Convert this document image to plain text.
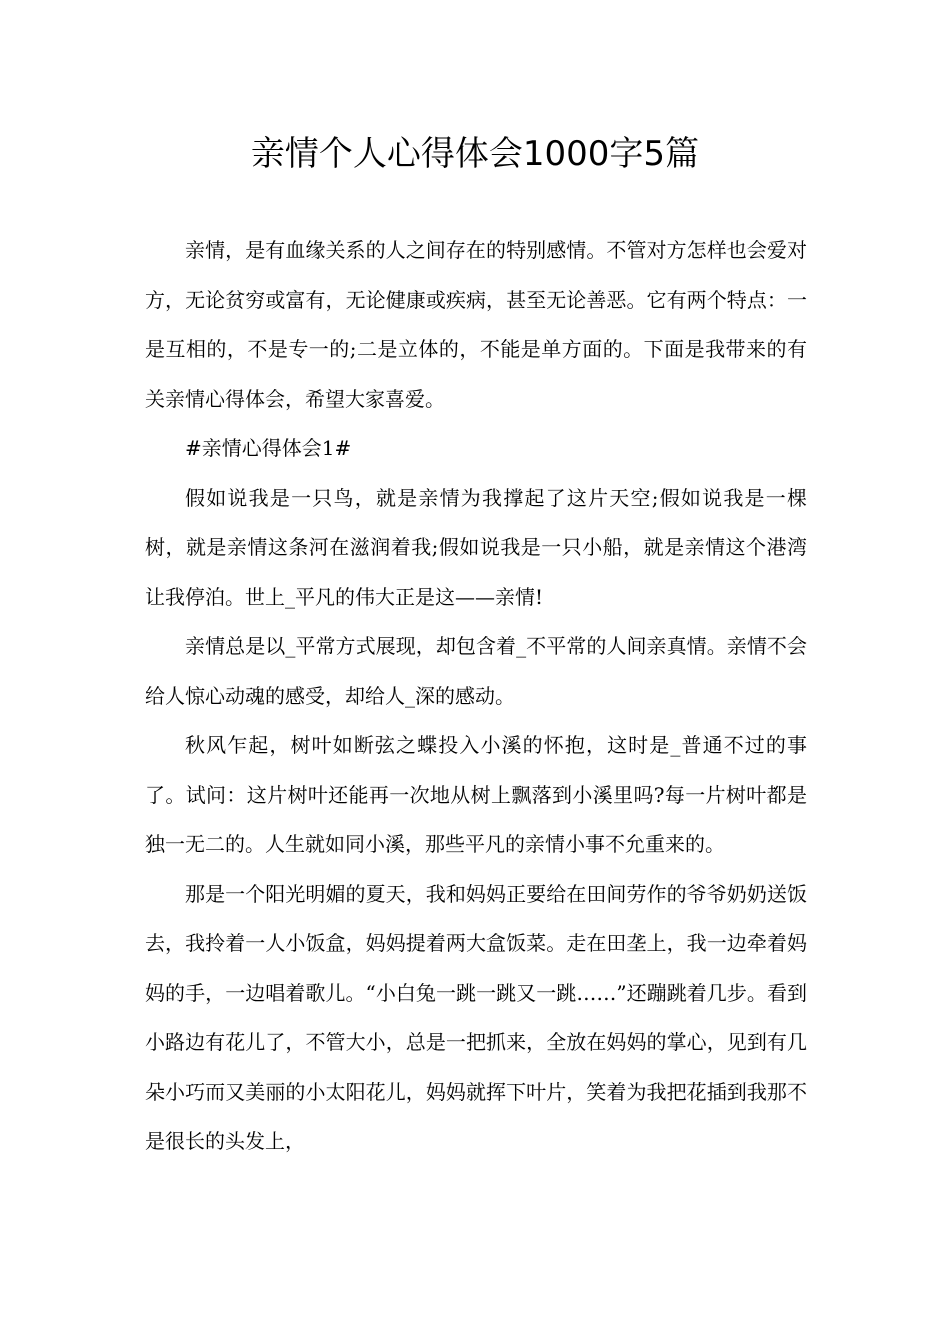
亲情个人心得体会1000字5篇

亲情，是有血缘关系的人之间存在的特别感情。不管对方怎样也会爱对方，无论贫穷或富有，无论健康或疾病，甚至无论善恶。它有两个特点：一是互相的，不是专一的;二是立体的，不能是单方面的。下面是我带来的有关亲情心得体会，希望大家喜爱。

#亲情心得体会1#

假如说我是一只鸟，就是亲情为我撑起了这片天空;假如说我是一棵树，就是亲情这条河在滋润着我;假如说我是一只小船，就是亲情这个港湾让我停泊。世上_平凡的伟大正是这——亲情!

亲情总是以_平常方式展现，却包含着_不平常的人间亲真情。亲情不会给人惊心动魂的感受，却给人_深的感动。

秋风乍起，树叶如断弦之蝶投入小溪的怀抱，这时是_普通不过的事了。试问：这片树叶还能再一次地从树上飘落到小溪里吗?每一片树叶都是独一无二的。人生就如同小溪，那些平凡的亲情小事不允重来的。

那是一个阳光明媚的夏天，我和妈妈正要给在田间劳作的爷爷奶奶送饭去，我拎着一人小饭盒，妈妈提着两大盒饭菜。走在田垄上，我一边牵着妈妈的手，一边唱着歌儿。“小白兔一跳一跳又一跳……”还蹦跳着几步。看到小路边有花儿了，不管大小，总是一把抓来，全放在妈妈的掌心，见到有几朵小巧而又美丽的小太阳花儿，妈妈就挥下叶片，笑着为我把花插到我那不是很长的头发上，
